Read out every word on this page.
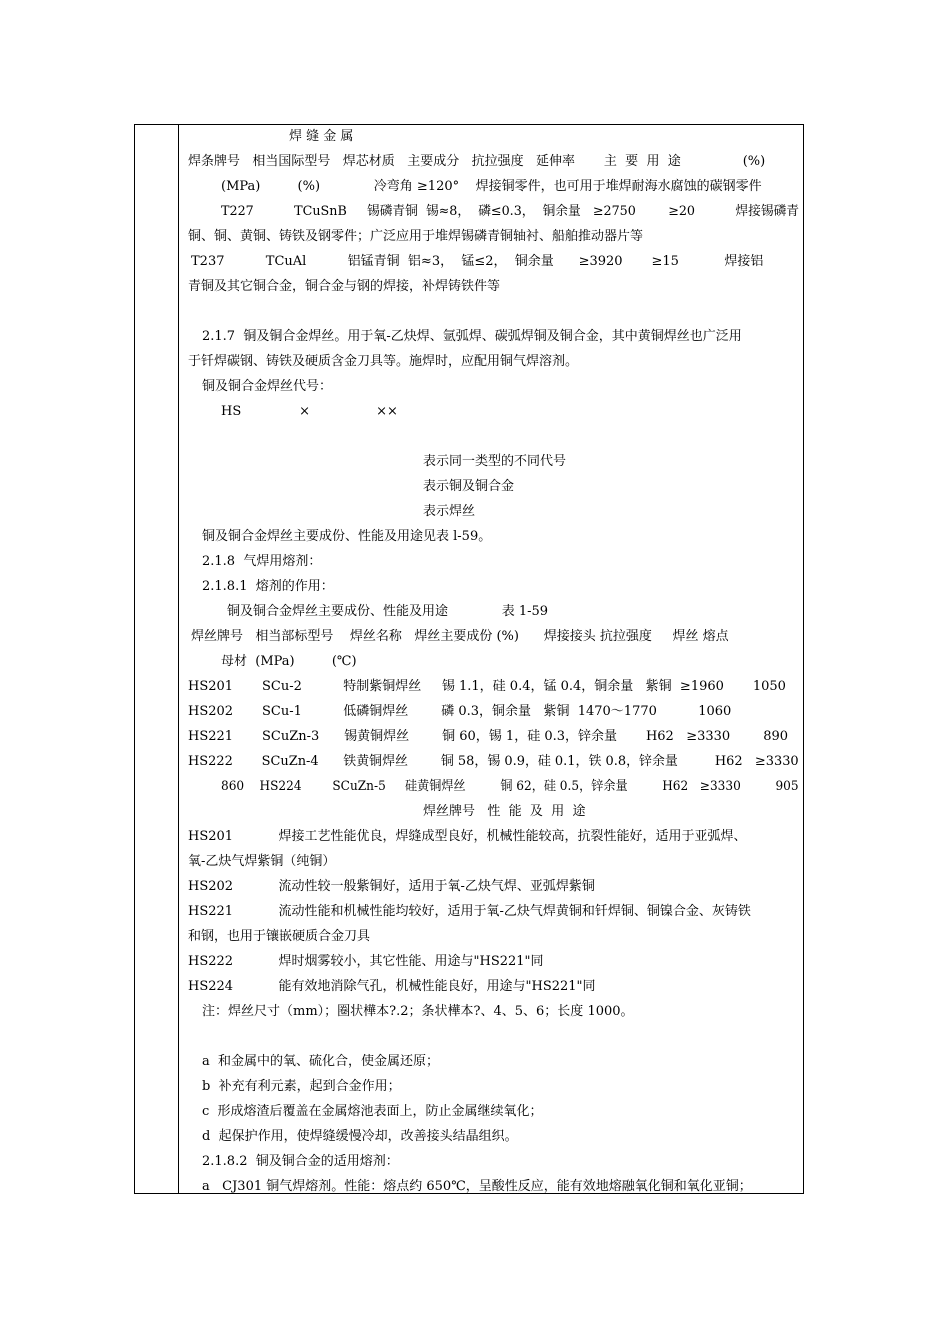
焊 缝 金 属
焊条牌号   相当国际型号   焊芯材质   主要成分   抗拉强度   延伸率       主  要  用  途               (%)
(MPa)         (%)             冷弯角 ≥120°    焊接铜零件，也可用于堆焊耐海水腐蚀的碳钢零件
T227          TCuSnB     锡磷青铜  锡≈8，  磷≤0.3，  铜余量   ≥2750        ≥20          焊接锡磷青
铜、铜、黄铜、铸铁及钢零件；广泛应用于堆焊锡磷青铜轴衬、船舶推动器片等
T237          TCuAl          铝锰青铜  铝≈3，  锰≤2，  铜余量      ≥3920       ≥15           焊接铝
青铜及其它铜合金，铜合金与钢的焊接，补焊铸铁件等
2.1.7  铜及铜合金焊丝。用于氧-乙炔焊、氩弧焊、碳弧焊铜及铜合金，其中黄铜焊丝也广泛用
于钎焊碳钢、铸铁及硬质含金刀具等。施焊时，应配用铜气焊溶剂。
铜及铜合金焊丝代号：
HS              ×                ××
表示同一类型的不同代号
表示铜及铜合金
表示焊丝
铜及铜合金焊丝主要成份、性能及用途见表 l-59。
2.1.8  气焊用熔剂：
2.1.8.1  熔剂的作用：
铜及铜合金焊丝主要成份、性能及用途             表 1-59
焊丝牌号   相当部标型号    焊丝名称   焊丝主要成份 (%)      焊接接头 抗拉强度     焊丝 熔点
母材  (MPa)         (℃)
HS201       SCu-2          特制紫铜焊丝     锡 1.1，硅 0.4，锰 0.4，铜余量   紫铜  ≥1960       1050
HS202       SCu-1          低磷铜焊丝        磷 0.3，铜余量   紫铜  1470～1770          1060
HS221       SCuZn-3      锡黄铜焊丝        铜 60，锡 1，硅 0.3，锌余量       H62   ≥3330        890
HS222       SCuZn-4      铁黄铜焊丝        铜 58，锡 0.9，硅 0.1，铁 0.8，锌余量         H62   ≥3330
860    HS224        SCuZn-5     硅黄铜焊丝         铜 62，硅 0.5，锌余量         H62   ≥3330         905
焊丝牌号   性  能  及  用  途
HS201           焊接工艺性能优良，焊缝成型良好，机械性能较高，抗裂性能好，适用于亚弧焊、
氧-乙炔气焊紫铜（纯铜）
HS202           流动性较一般紫铜好，适用于氧-乙炔气焊、亚弧焊紫铜
HS221           流动性能和机械性能均较好，适用于氧-乙炔气焊黄铜和钎焊铜、铜镍合金、灰铸铁
和钢，也用于镶嵌硬质合金刀具
HS222           焊时烟雾较小，其它性能、用途与"HS221"同
HS224           能有效地消除气孔，机械性能良好，用途与"HS221"同
注：焊丝尺寸（mm）；圈状樺本?.2；条状樺本?、4、5、6；长度 1000。
a  和金属中的氧、硫化合，使金属还原；
b  补充有利元素，起到合金作用；
c  形成熔渣后覆盖在金属熔池表面上，防止金属继续氧化；
d  起保护作用，使焊缝缓慢冷却，改善接头结晶组织。
2.1.8.2  铜及铜合金的适用熔剂：
a   CJ301 铜气焊熔剂。性能：熔点约 650℃，呈酸性反应，能有效地熔融氧化铜和氧化亚铜；
